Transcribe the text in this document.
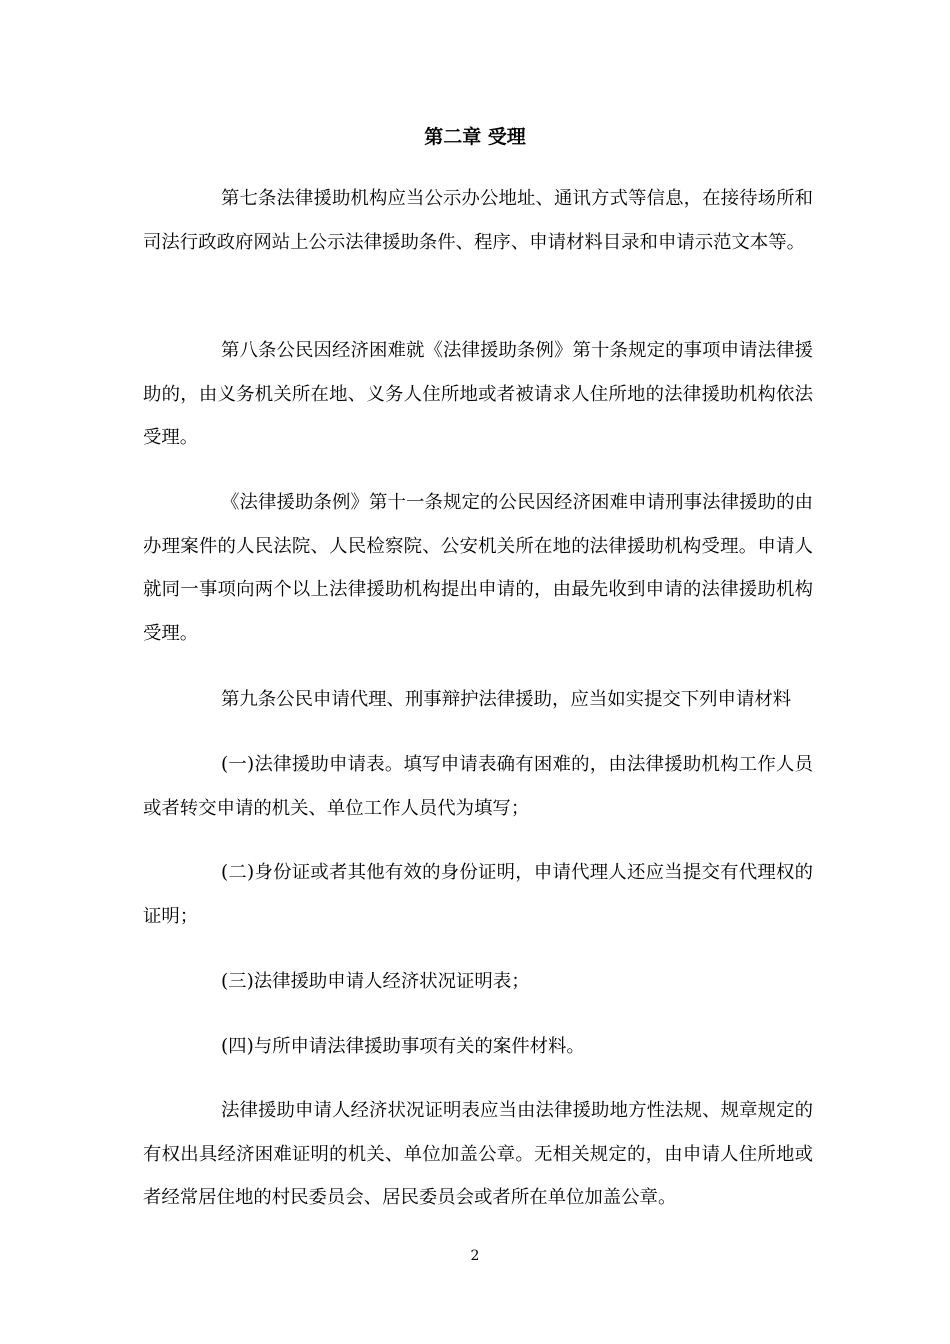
第二章 受理

第七条法律援助机构应当公示办公地址、通讯方式等信息，在接待场所和司法行政政府网站上公示法律援助条件、程序、申请材料目录和申请示范文本等。

第八条公民因经济困难就《法律援助条例》第十条规定的事项申请法律援助的，由义务机关所在地、义务人住所地或者被请求人住所地的法律援助机构依法受理。

《法律援助条例》第十一条规定的公民因经济困难申请刑事法律援助的由办理案件的人民法院、人民检察院、公安机关所在地的法律援助机构受理。申请人就同一事项向两个以上法律援助机构提出申请的，由最先收到申请的法律援助机构受理。

第九条公民申请代理、刑事辩护法律援助，应当如实提交下列申请材料

(一)法律援助申请表。填写申请表确有困难的，由法律援助机构工作人员或者转交申请的机关、单位工作人员代为填写；

(二)身份证或者其他有效的身份证明，申请代理人还应当提交有代理权的证明；

(三)法律援助申请人经济状况证明表；

(四)与所申请法律援助事项有关的案件材料。

法律援助申请人经济状况证明表应当由法律援助地方性法规、规章规定的有权出具经济困难证明的机关、单位加盖公章。无相关规定的，由申请人住所地或者经常居住地的村民委员会、居民委员会或者所在单位加盖公章。

2
